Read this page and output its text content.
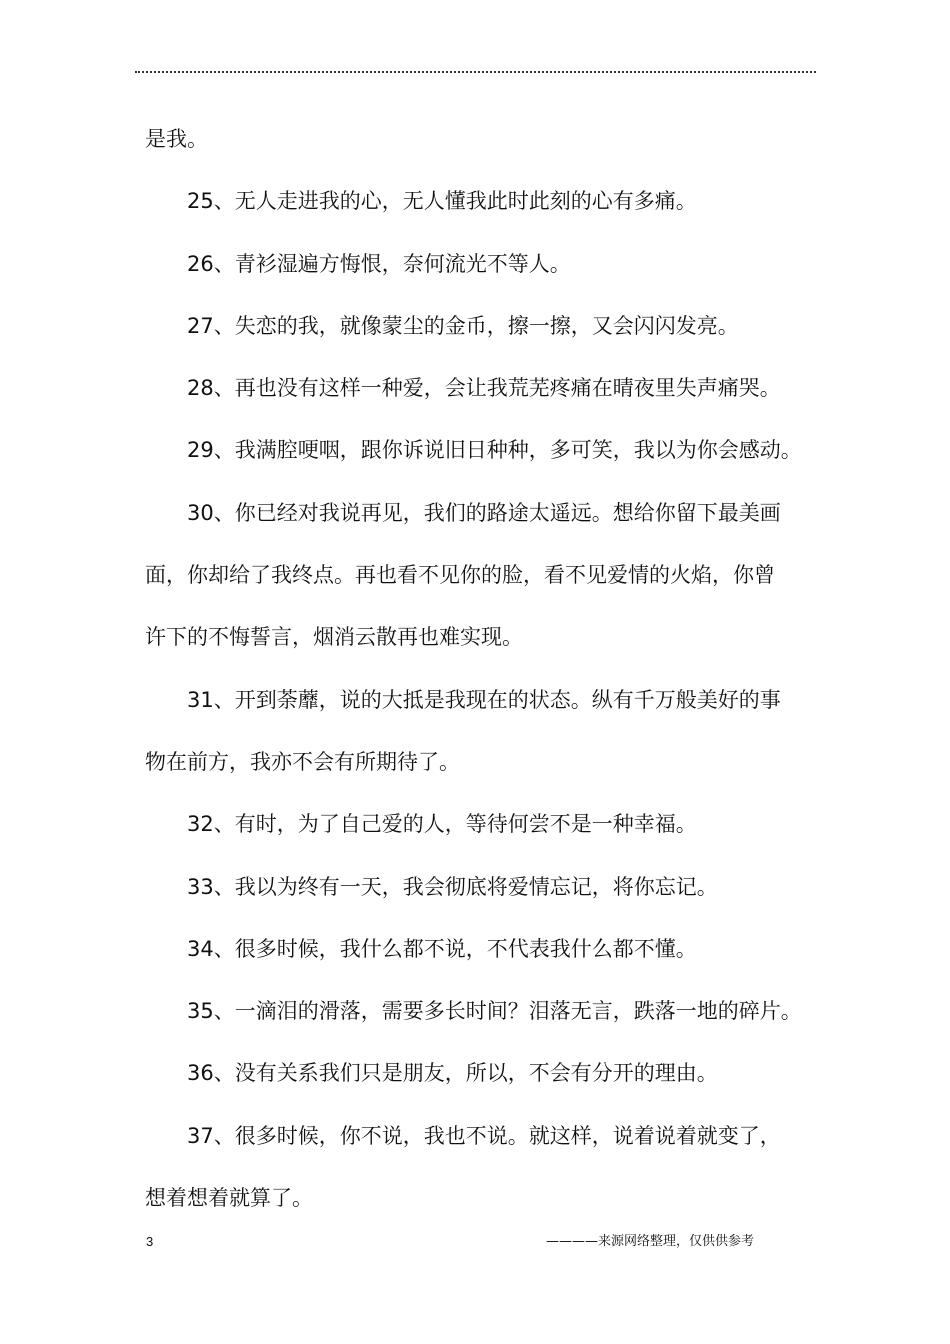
是我。
25、无人走进我的心，无人懂我此时此刻的心有多痛。
26、青衫湿遍方悔恨，奈何流光不等人。
27、失恋的我，就像蒙尘的金币，擦一擦，又会闪闪发亮。
28、再也没有这样一种爱，会让我荒芜疼痛在晴夜里失声痛哭。
29、我满腔哽咽，跟你诉说旧日种种，多可笑，我以为你会感动。
30、你已经对我说再见，我们的路途太遥远。想给你留下最美画
面，你却给了我终点。再也看不见你的脸，看不见爱情的火焰，你曾
许下的不悔誓言，烟消云散再也难实现。
31、开到荼蘼，说的大抵是我现在的状态。纵有千万般美好的事
物在前方，我亦不会有所期待了。
32、有时，为了自己爱的人，等待何尝不是一种幸福。
33、我以为终有一天，我会彻底将爱情忘记，将你忘记。
34、很多时候，我什么都不说，不代表我什么都不懂。
35、一滴泪的滑落，需要多长时间？泪落无言，跌落一地的碎片。
36、没有关系我们只是朋友，所以，不会有分开的理由。
37、很多时候，你不说，我也不说。就这样，说着说着就变了，
想着想着就算了。
3	————来源网络整理，仅供供参考
